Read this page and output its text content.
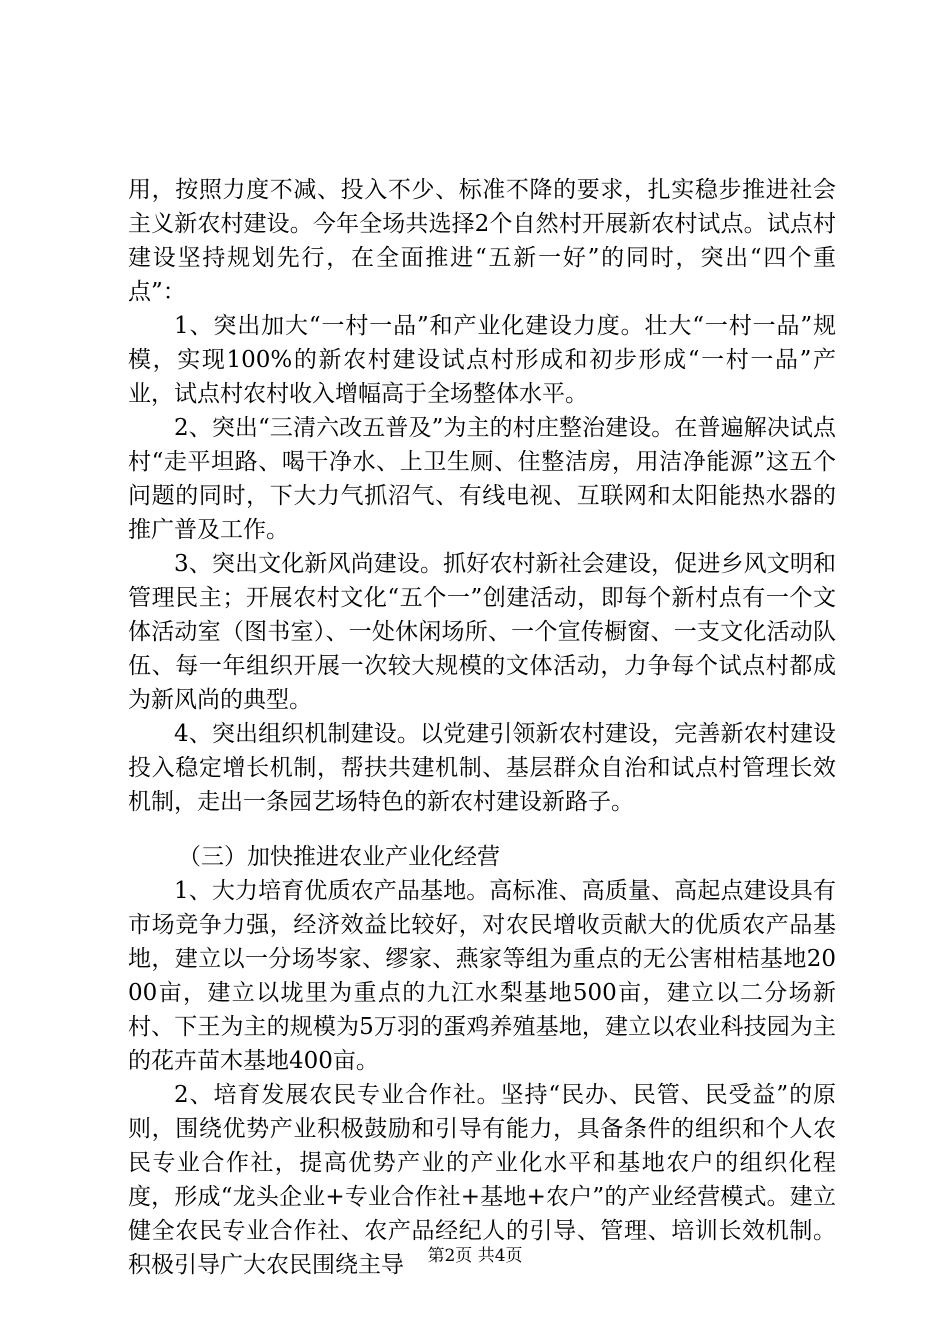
用，按照力度不减、投入不少、标准不降的要求，扎实稳步推进社会主义新农村建设。今年全场共选择2个自然村开展新农村试点。试点村建设坚持规划先行，在全面推进“五新一好”的同时，突出“四个重点”：

1、突出加大“一村一品”和产业化建设力度。壮大“一村一品”规模，实现100%的新农村建设试点村形成和初步形成“一村一品”产业，试点村农村收入增幅高于全场整体水平。

2、突出“三清六改五普及”为主的村庄整治建设。在普遍解决试点村“走平坦路、喝干净水、上卫生厕、住整洁房，用洁净能源”这五个问题的同时，下大力气抓沼气、有线电视、互联网和太阳能热水器的推广普及工作。

3、突出文化新风尚建设。抓好农村新社会建设，促进乡风文明和管理民主；开展农村文化“五个一”创建活动，即每个新村点有一个文体活动室（图书室）、一处休闲场所、一个宣传橱窗、一支文化活动队伍、每一年组织开展一次较大规模的文体活动，力争每个试点村都成为新风尚的典型。

4、突出组织机制建设。以党建引领新农村建设，完善新农村建设投入稳定增长机制，帮扶共建机制、基层群众自治和试点村管理长效机制，走出一条园艺场特色的新农村建设新路子。

（三）加快推进农业产业化经营

1、大力培育优质农产品基地。高标准、高质量、高起点建设具有市场竞争力强，经济效益比较好，对农民增收贡献大的优质农产品基地，建立以一分场岑家、缪家、燕家等组为重点的无公害柑桔基地2000亩，建立以垅里为重点的九江水梨基地500亩，建立以二分场新村、下王为主的规模为5万羽的蛋鸡养殖基地，建立以农业科技园为主的花卉苗木基地400亩。

2、培育发展农民专业合作社。坚持“民办、民管、民受益”的原则，围绕优势产业积极鼓励和引导有能力，具备条件的组织和个人农民专业合作社，提高优势产业的产业化水平和基地农户的组织化程度，形成“龙头企业+专业合作社+基地+农户”的产业经营模式。建立健全农民专业合作社、农产品经纪人的引导、管理、培训长效机制。积极引导广大农民围绕主导	第2页 共4页
